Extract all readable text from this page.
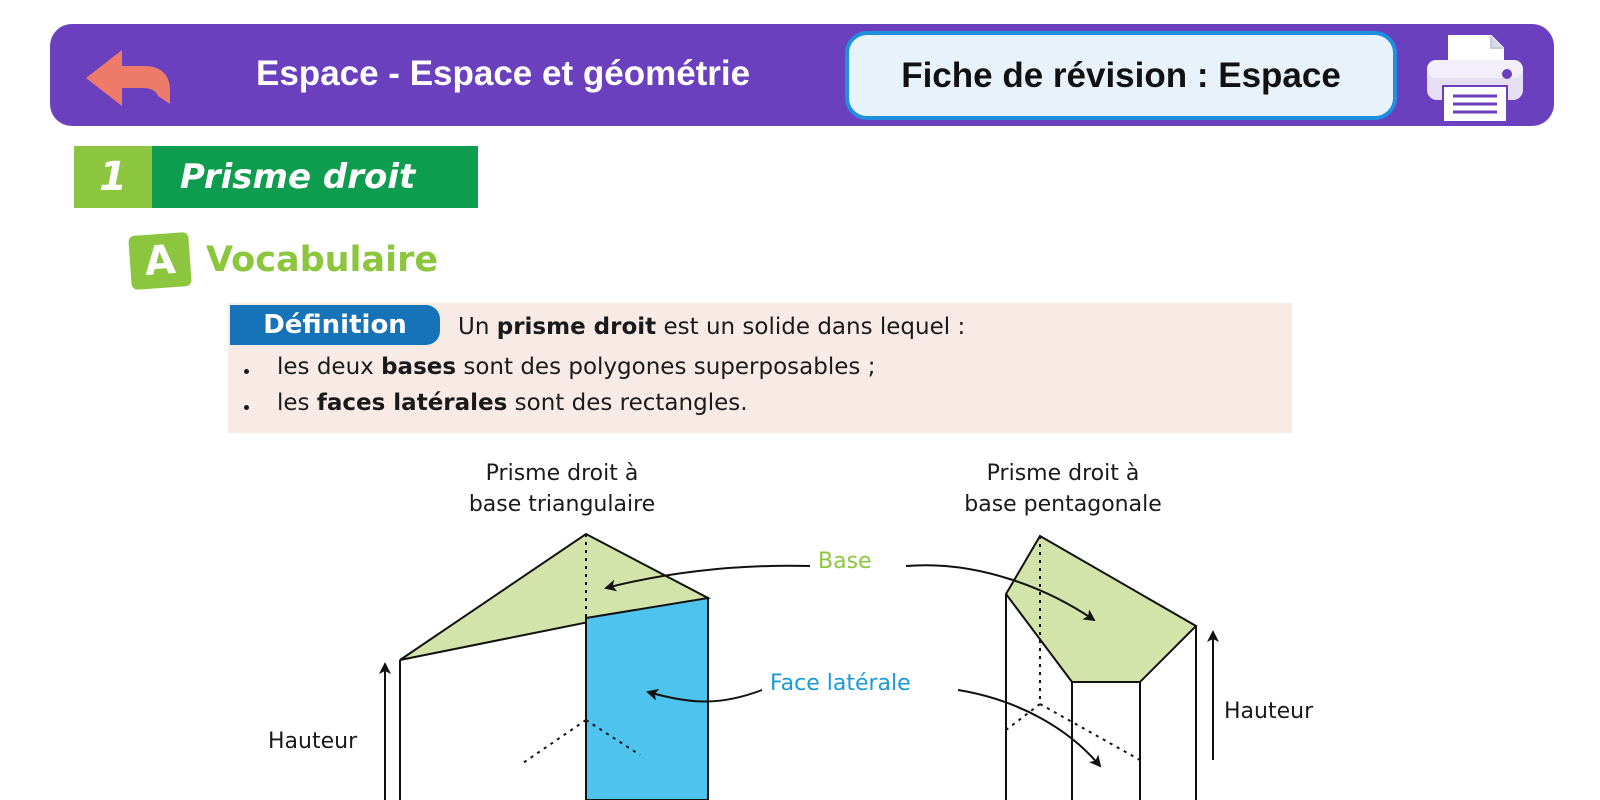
Espace - Espace et géométrie	Fiche de révision : Espace
1	Prisme droit
A Vocabulaire
Définition	Un prisme droit est un solide dans lequel :
les deux bases sont des polygones superposables ;
les faces latérales sont des rectangles.
Prisme droit à
base triangulaire
Prisme droit à
base pentagonale
Base
Face latérale
Hauteur
Hauteur
